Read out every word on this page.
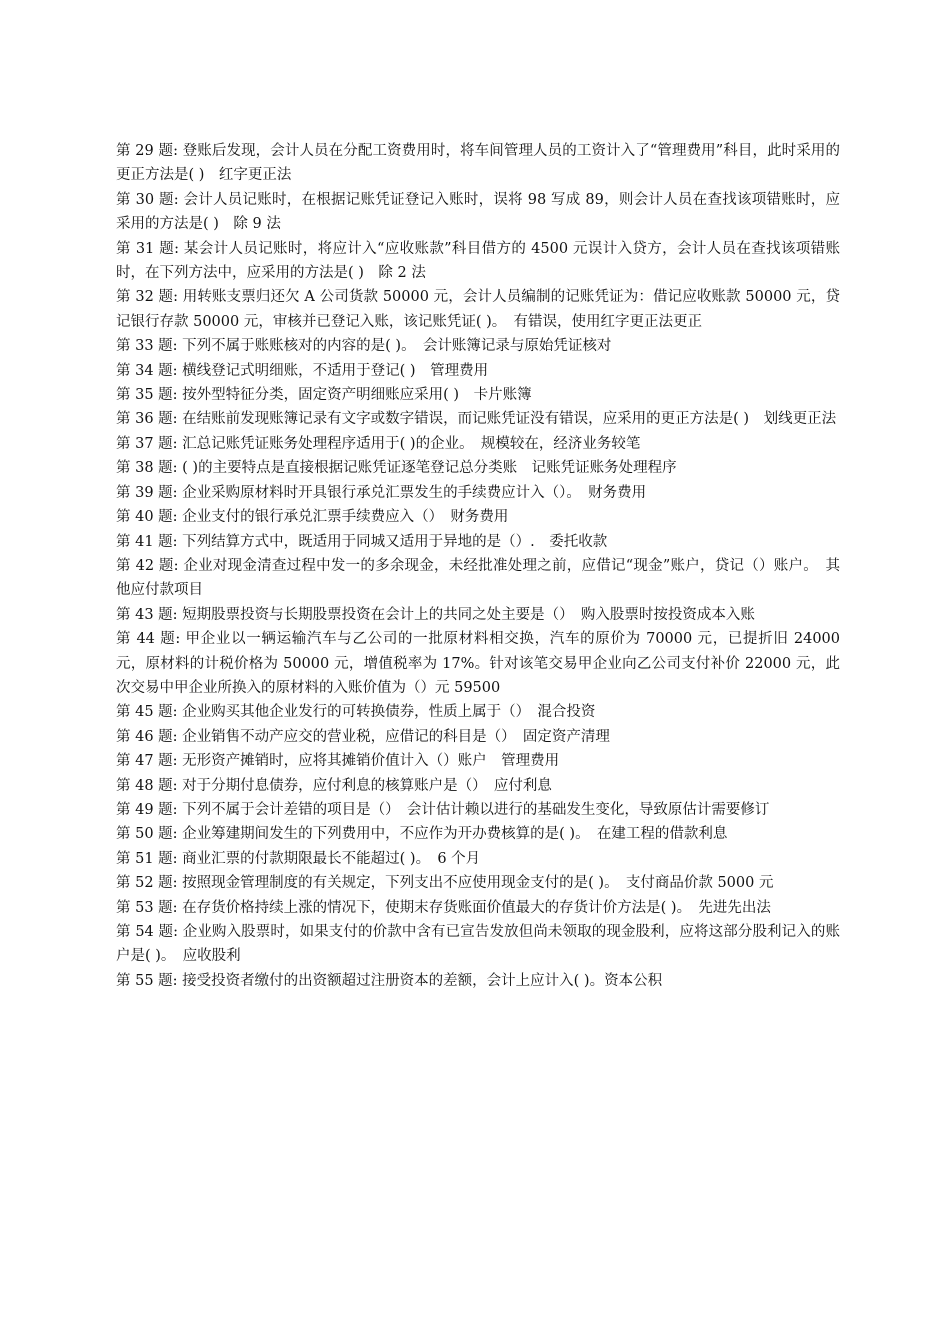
第 29 题: 登账后发现，会计人员在分配工资费用时，将车间管理人员的工资计入了“管理费用”科目，此时采用的更正方法是( )　红字更正法

第 30 题: 会计人员记账时，在根据记账凭证登记入账时，误将 98 写成 89，则会计人员在查找该项错账时，应采用的方法是( )　除 9 法

第 31 题: 某会计人员记账时，将应计入“应收账款”科目借方的 4500 元误计入贷方，会计人员在查找该项错账时，在下列方法中，应采用的方法是( )　除 2 法

第 32 题: 用转账支票归还欠 A 公司货款 50000 元，会计人员编制的记账凭证为：借记应收账款 50000 元，贷记银行存款 50000 元，审核并已登记入账，该记账凭证( )。　有错误，使用红字更正法更正

第 33 题: 下列不属于账账核对的内容的是( )。　会计账簿记录与原始凭证核对

第 34 题: 横线登记式明细账，不适用于登记( )　管理费用

第 35 题: 按外型特征分类，固定资产明细账应采用( )　卡片账簿

第 36 题: 在结账前发现账簿记录有文字或数字错误，而记账凭证没有错误，应采用的更正方法是( )　划线更正法

第 37 题: 汇总记账凭证账务处理程序适用于( )的企业。　规模较在，经济业务较笔

第 38 题: ( )的主要特点是直接根据记账凭证逐笔登记总分类账　记账凭证账务处理程序

第 39 题: 企业采购原材料时开具银行承兑汇票发生的手续费应计入（）。　财务费用

第 40 题: 企业支付的银行承兑汇票手续费应入（）　财务费用

第 41 题: 下列结算方式中，既适用于同城又适用于异地的是（）.　委托收款

第 42 题: 企业对现金清查过程中发一的多余现金，未经批准处理之前，应借记“现金”账户，贷记（）账户。　其他应付款项目

第 43 题: 短期股票投资与长期股票投资在会计上的共同之处主要是（）　购入股票时按投资成本入账

第 44 题: 甲企业以一辆运输汽车与乙公司的一批原材料相交换，汽车的原价为 70000 元，已提折旧 24000 元，原材料的计税价格为 50000 元，增值税率为 17%。针对该笔交易甲企业向乙公司支付补价 22000 元，此次交易中甲企业所换入的原材料的入账价值为（）元 59500

第 45 题: 企业购买其他企业发行的可转换债券，性质上属于（）　混合投资

第 46 题: 企业销售不动产应交的营业税，应借记的科目是（）　固定资产清理

第 47 题: 无形资产摊销时，应将其摊销价值计入（）账户　管理费用

第 48 题: 对于分期付息债券，应付利息的核算账户是（）　应付利息

第 49 题: 下列不属于会计差错的项目是（）　会计估计赖以进行的基础发生变化，导致原估计需要修订

第 50 题: 企业筹建期间发生的下列费用中，不应作为开办费核算的是( )。　在建工程的借款利息

第 51 题: 商业汇票的付款期限最长不能超过( )。　6 个月

第 52 题: 按照现金管理制度的有关规定，下列支出不应使用现金支付的是( )。　支付商品价款 5000 元

第 53 题: 在存货价格持续上涨的情况下，使期末存货账面价值最大的存货计价方法是( )。　先进先出法

第 54 题: 企业购入股票时，如果支付的价款中含有已宣告发放但尚未领取的现金股利，应将这部分股利记入的账户是( )。　应收股利

第 55 题: 接受投资者缴付的出资额超过注册资本的差额，会计上应计入( )。资本公积
